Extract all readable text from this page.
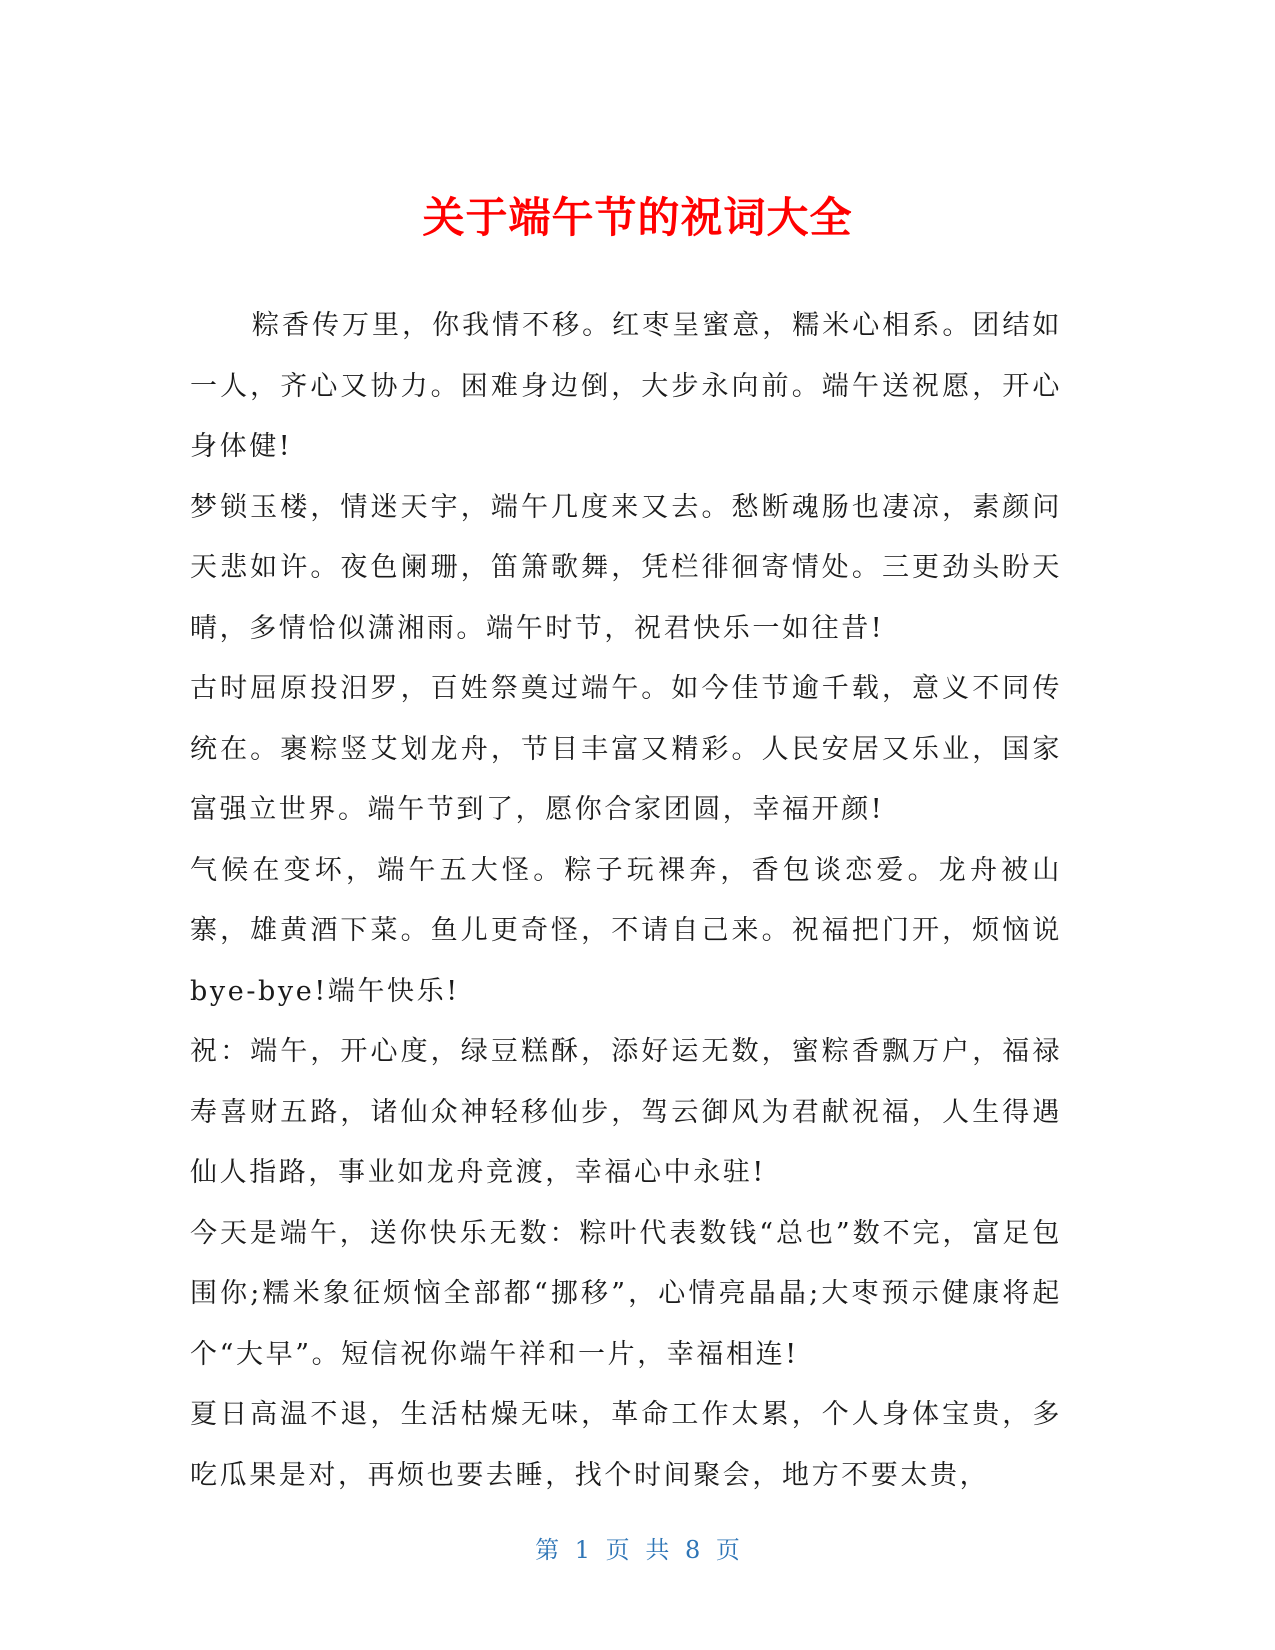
关于端午节的祝词大全

粽香传万里，你我情不移。红枣呈蜜意，糯米心相系。团结如一人，齐心又协力。困难身边倒，大步永向前。端午送祝愿，开心身体健!

梦锁玉楼，情迷天宇，端午几度来又去。愁断魂肠也凄凉，素颜问天悲如许。夜色阑珊，笛箫歌舞，凭栏徘徊寄情处。三更劲头盼天晴，多情恰似潇湘雨。端午时节，祝君快乐一如往昔!

古时屈原投汨罗，百姓祭奠过端午。如今佳节逾千载，意义不同传统在。裹粽竖艾划龙舟，节目丰富又精彩。人民安居又乐业，国家富强立世界。端午节到了，愿你合家团圆，幸福开颜!

气候在变坏，端午五大怪。粽子玩裸奔，香包谈恋爱。龙舟被山寨，雄黄酒下菜。鱼儿更奇怪，不请自己来。祝福把门开，烦恼说bye-bye!端午快乐!

祝：端午，开心度，绿豆糕酥，添好运无数，蜜粽香飘万户，福禄寿喜财五路，诸仙众神轻移仙步，驾云御风为君献祝福，人生得遇仙人指路，事业如龙舟竞渡，幸福心中永驻!

今天是端午，送你快乐无数：粽叶代表数钱“总也”数不完，富足包围你;糯米象征烦恼全部都“挪移”，心情亮晶晶;大枣预示健康将起个“大早”。短信祝你端午祥和一片，幸福相连!

夏日高温不退，生活枯燥无味，革命工作太累，个人身体宝贵，多吃瓜果是对，再烦也要去睡，找个时间聚会，地方不要太贵，

第 1 页 共 8 页
